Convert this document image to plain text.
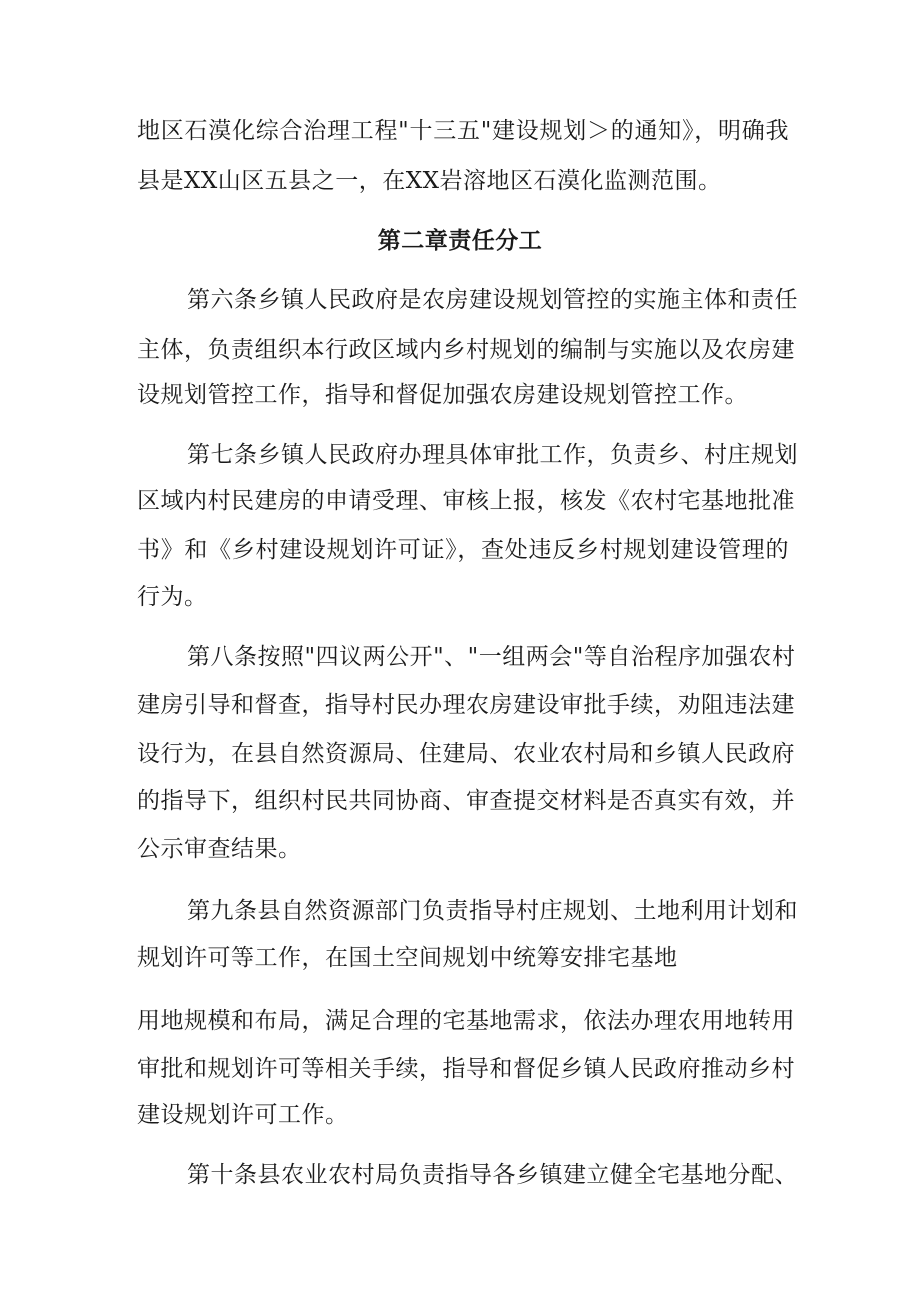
地区石漠化综合治理工程"十三五"建设规划＞的通知》，明确我
县是XX山区五县之一，在XX岩溶地区石漠化监测范围。
第二章责任分工
第六条乡镇人民政府是农房建设规划管控的实施主体和责任
主体，负责组织本行政区域内乡村规划的编制与实施以及农房建
设规划管控工作，指导和督促加强农房建设规划管控工作。
第七条乡镇人民政府办理具体审批工作，负责乡、村庄规划
区域内村民建房的申请受理、审核上报，核发《农村宅基地批准
书》和《乡村建设规划许可证》，查处违反乡村规划建设管理的
行为。
第八条按照"四议两公开"、"一组两会"等自治程序加强农村
建房引导和督查，指导村民办理农房建设审批手续，劝阻违法建
设行为，在县自然资源局、住建局、农业农村局和乡镇人民政府
的指导下，组织村民共同协商、审查提交材料是否真实有效，并
公示审查结果。
第九条县自然资源部门负责指导村庄规划、土地利用计划和
规划许可等工作，在国土空间规划中统筹安排宅基地
用地规模和布局，满足合理的宅基地需求，依法办理农用地转用
审批和规划许可等相关手续，指导和督促乡镇人民政府推动乡村
建设规划许可工作。
第十条县农业农村局负责指导各乡镇建立健全宅基地分配、
